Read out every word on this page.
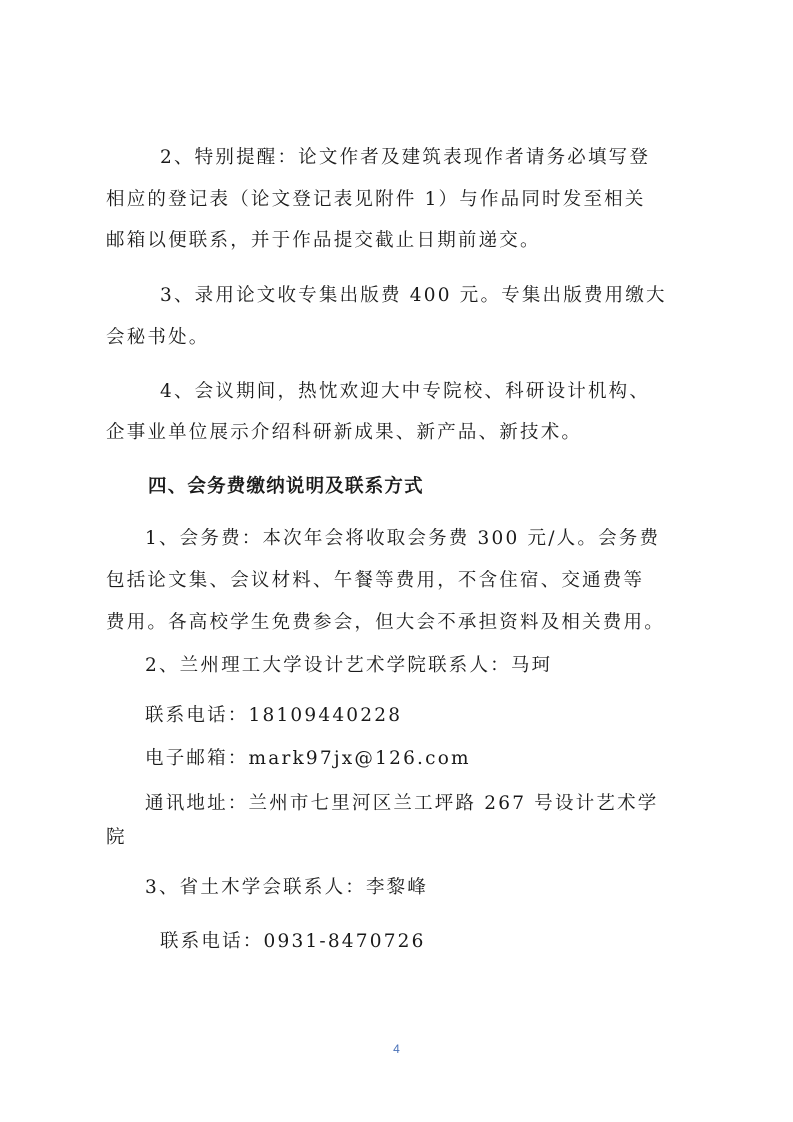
2、特别提醒：论文作者及建筑表现作者请务必填写登
相应的登记表（论文登记表见附件 1）与作品同时发至相关
邮箱以便联系，并于作品提交截止日期前递交。
3、录用论文收专集出版费 400 元。专集出版费用缴大
会秘书处。
4、会议期间，热忱欢迎大中专院校、科研设计机构、
企事业单位展示介绍科研新成果、新产品、新技术。
四、会务费缴纳说明及联系方式
1、会务费：本次年会将收取会务费 300 元/人。会务费
包括论文集、会议材料、午餐等费用，不含住宿、交通费等
费用。各高校学生免费参会，但大会不承担资料及相关费用。
2、兰州理工大学设计艺术学院联系人：马珂
联系电话：18109440228
电子邮箱：mark97jx@126.com
通讯地址：兰州市七里河区兰工坪路 267 号设计艺术学
院
3、省土木学会联系人：李黎峰
联系电话：0931-8470726
4
